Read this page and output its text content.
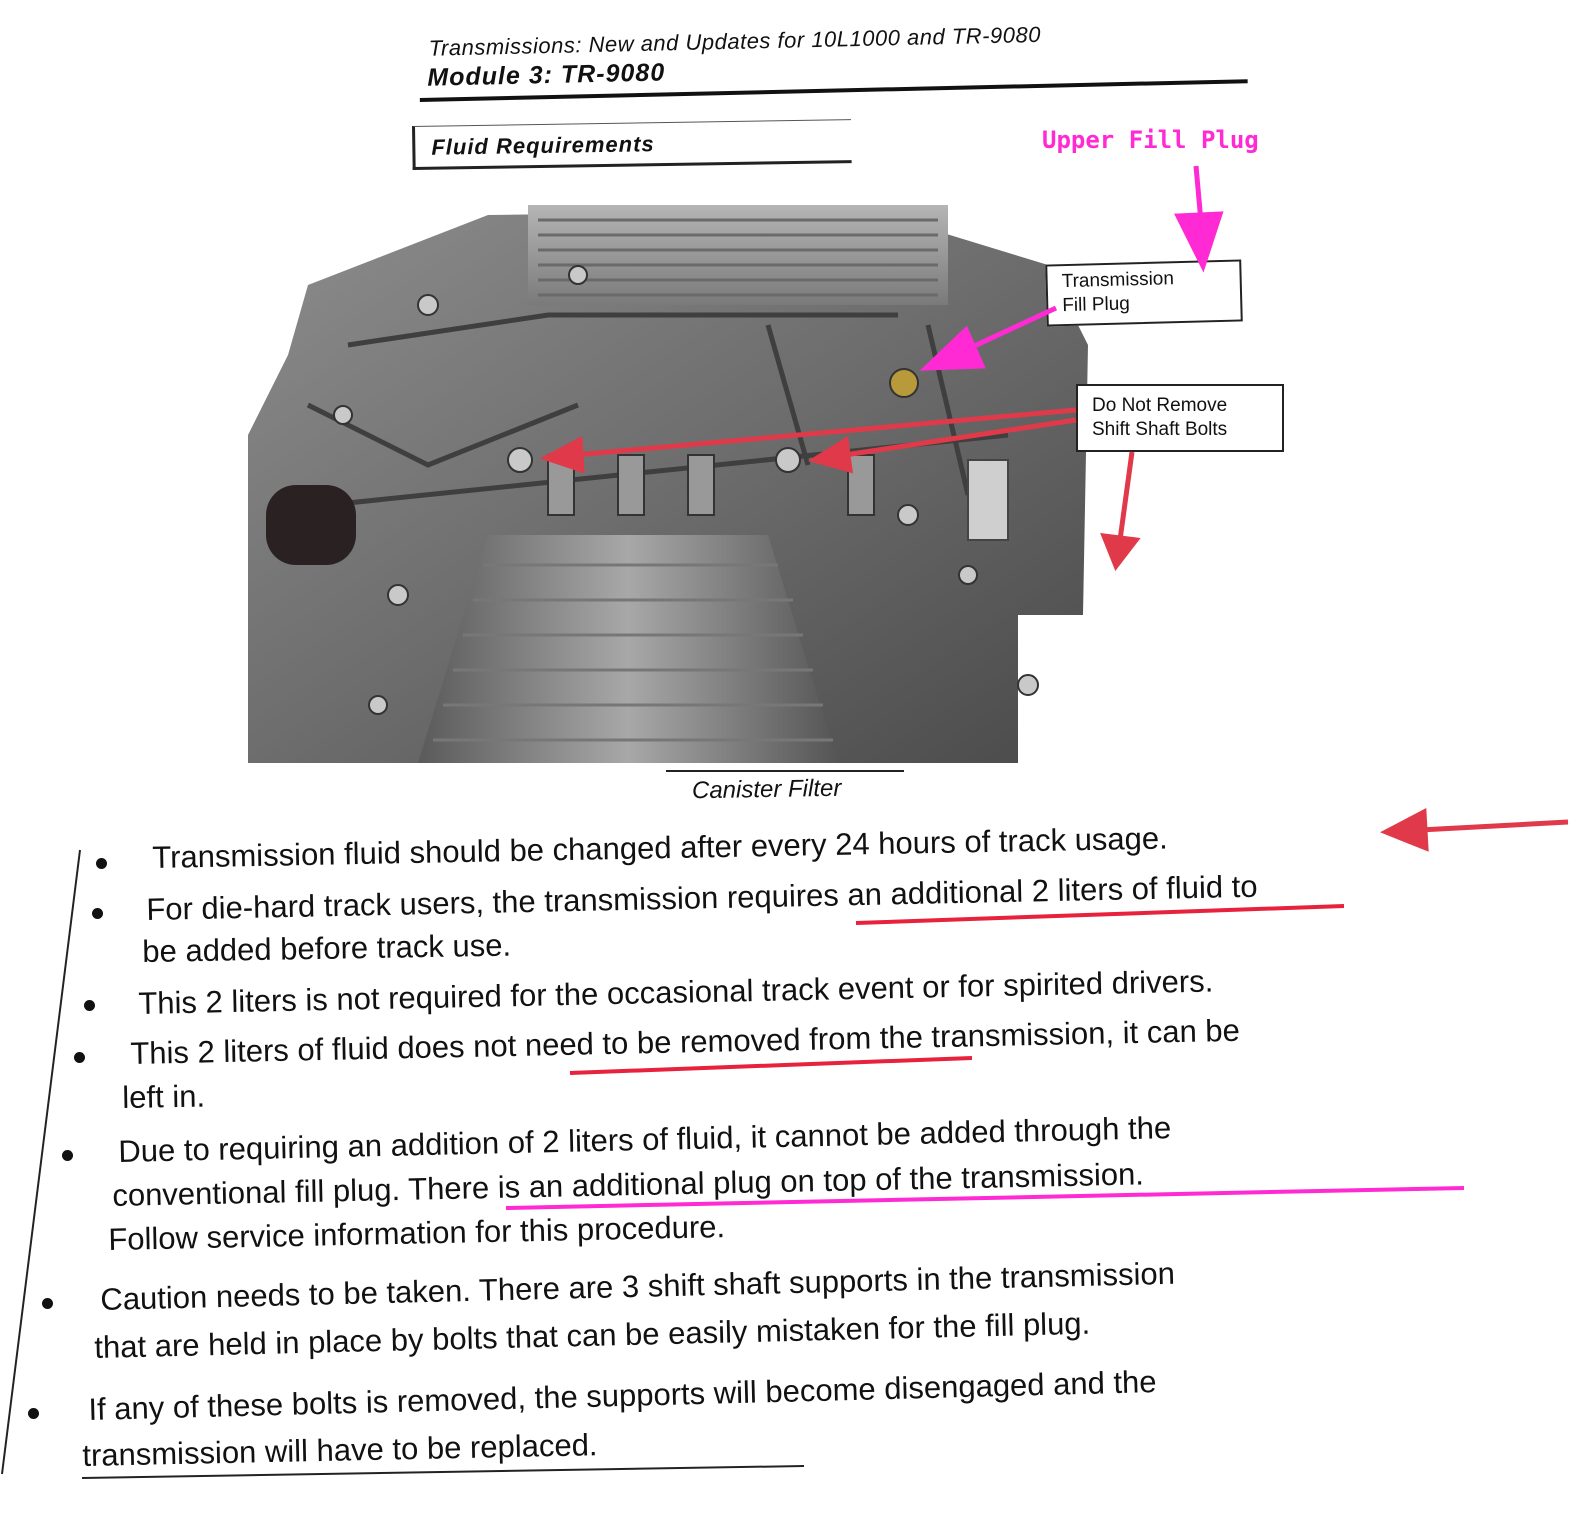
Transmissions: New and Updates for 10L1000 and TR-9080
Module 3: TR-9080
Fluid Requirements
Transmission
Fill Plug
Do Not Remove
Shift Shaft Bolts
Upper Fill Plug
Canister Filter
Transmission fluid should be changed after every 24 hours of track usage.
For die-hard track users, the transmission requires an additional 2 liters of fluid to
be added before track use.
This 2 liters is not required for the occasional track event or for spirited drivers.
This 2 liters of fluid does not need to be removed from the transmission, it can be
left in.
Due to requiring an addition of 2 liters of fluid, it cannot be added through the
conventional fill plug. There is an additional plug on top of the transmission.
Follow service information for this procedure.
Caution needs to be taken. There are 3 shift shaft supports in the transmission
that are held in place by bolts that can be easily mistaken for the fill plug.
If any of these bolts is removed, the supports will become disengaged and the
transmission will have to be replaced.
